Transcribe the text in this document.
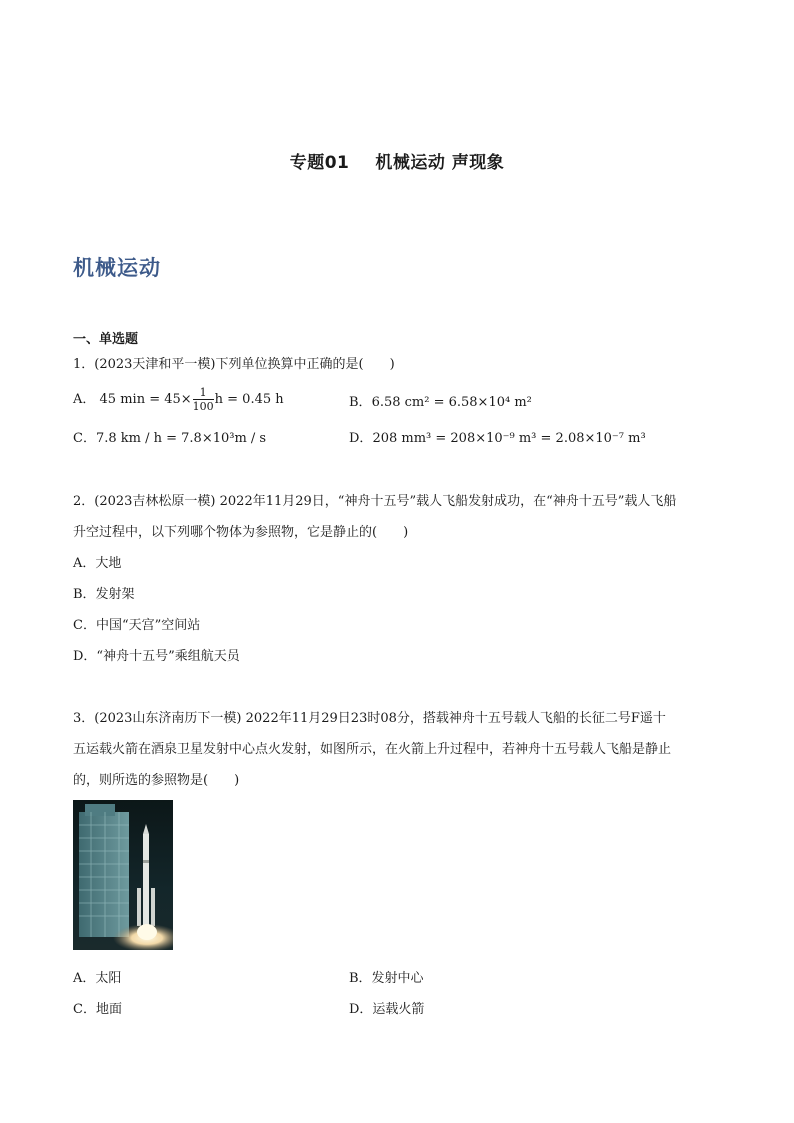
专题01 机械运动 声现象
机械运动
一、单选题
1．(2023天津和平一模)下列单位换算中正确的是(　　)
A． 45 $\min = 45\times \frac{1}{100}$ h = 0.45 h	B．6.58 cm² = 6.58×10⁴ m²
C．7.8 km / h = 7.8×10³m / s	D．208 mm³ = 208×10⁻⁹ m³ = 2.08×10⁻⁷ m³
2．(2023吉林松原一模) 2022年11月29日，“神舟十五号”载人飞船发射成功，在“神舟十五号”载人飞船
升空过程中，以下列哪个物体为参照物，它是静止的(　　)
A．大地
B．发射架
C．中国“天宫”空间站
D．“神舟十五号”乘组航天员
3．(2023山东济南历下一模) 2022年11月29日23时08分，搭载神舟十五号载人飞船的长征二号F遥十
五运载火箭在酒泉卫星发射中心点火发射，如图所示，在火箭上升过程中，若神舟十五号载人飞船是静止
的，则所选的参照物是(　　)
A．太阳	B．发射中心
C．地面	D．运载火箭
